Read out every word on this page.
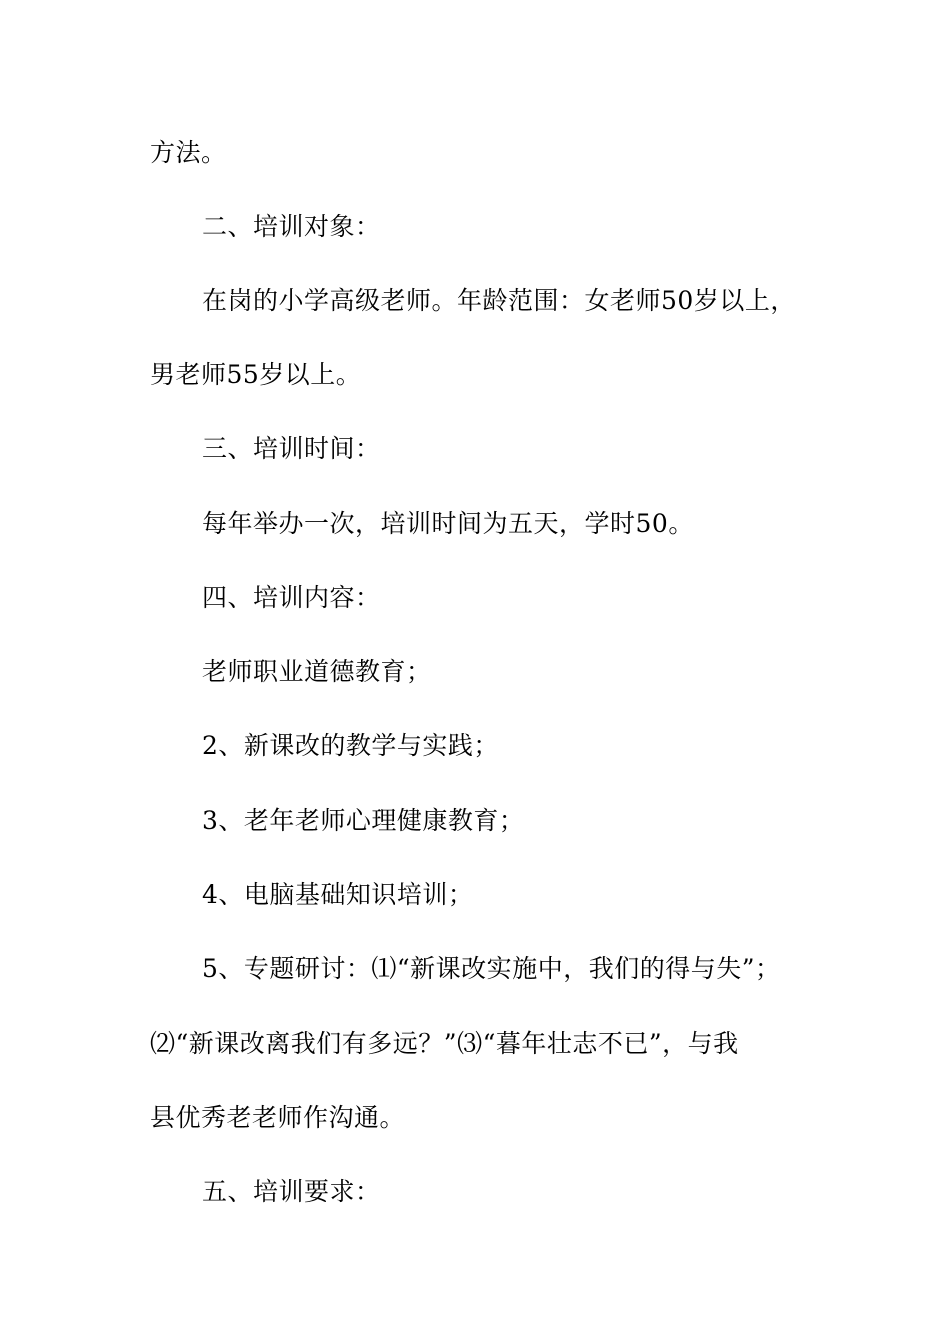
方法。
二、培训对象：
在岗的小学高级老师。年龄范围：女老师50岁以上，
男老师55岁以上。
三、培训时间：
每年举办一次，培训时间为五天，学时50。
四、培训内容：
老师职业道德教育；
2、新课改的教学与实践；
3、老年老师心理健康教育；
4、电脑基础知识培训；
5、专题研讨：⑴“新课改实施中，我们的得与失”；
⑵“新课改离我们有多远？”⑶“暮年壮志不已”，与我
县优秀老老师作沟通。
五、培训要求：
